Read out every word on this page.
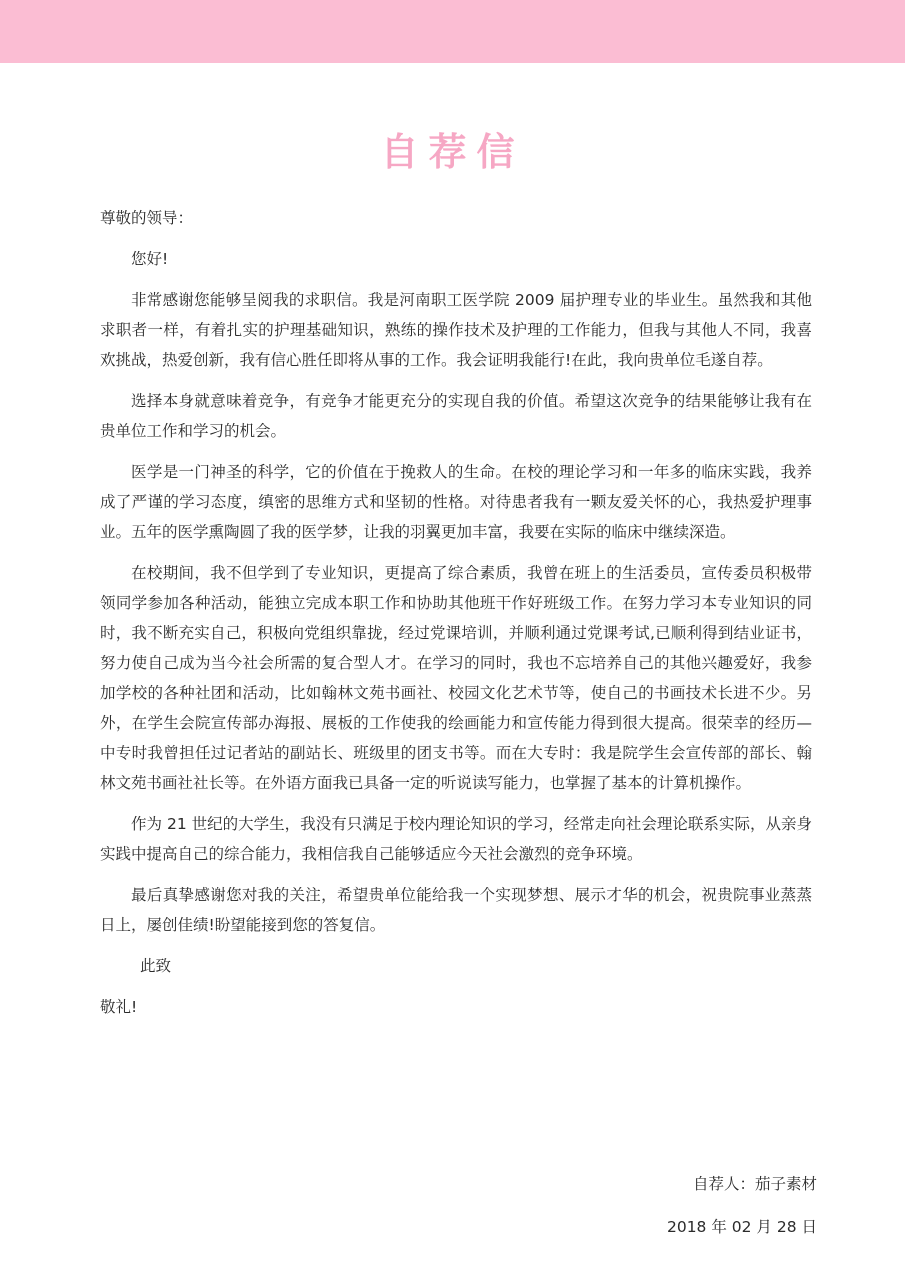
自荐信

尊敬的领导：

您好!

非常感谢您能够呈阅我的求职信。我是河南职工医学院 2009 届护理专业的毕业生。虽然我和其他求职者一样，有着扎实的护理基础知识，熟练的操作技术及护理的工作能力，但我与其他人不同，我喜欢挑战，热爱创新，我有信心胜任即将从事的工作。我会证明我能行!在此，我向贵单位毛遂自荐。

选择本身就意味着竞争，有竞争才能更充分的实现自我的价值。希望这次竞争的结果能够让我有在贵单位工作和学习的机会。

医学是一门神圣的科学，它的价值在于挽救人的生命。在校的理论学习和一年多的临床实践，我养成了严谨的学习态度，缜密的思维方式和坚韧的性格。对待患者我有一颗友爱关怀的心，我热爱护理事业。五年的医学熏陶圆了我的医学梦，让我的羽翼更加丰富，我要在实际的临床中继续深造。

在校期间，我不但学到了专业知识，更提高了综合素质，我曾在班上的生活委员，宣传委员积极带领同学参加各种活动，能独立完成本职工作和协助其他班干作好班级工作。在努力学习本专业知识的同时，我不断充实自己，积极向党组织靠拢，经过党课培训，并顺利通过党课考试,已顺利得到结业证书，努力使自己成为当今社会所需的复合型人才。在学习的同时，我也不忘培养自己的其他兴趣爱好，我参加学校的各种社团和活动，比如翰林文苑书画社、校园文化艺术节等，使自己的书画技术长进不少。另外，在学生会院宣传部办海报、展板的工作使我的绘画能力和宣传能力得到很大提高。很荣幸的经历—中专时我曾担任过记者站的副站长、班级里的团支书等。而在大专时：我是院学生会宣传部的部长、翰林文苑书画社社长等。在外语方面我已具备一定的听说读写能力，也掌握了基本的计算机操作。

作为 21 世纪的大学生，我没有只满足于校内理论知识的学习，经常走向社会理论联系实际，从亲身实践中提高自己的综合能力，我相信我自己能够适应今天社会激烈的竞争环境。

最后真挚感谢您对我的关注，希望贵单位能给我一个实现梦想、展示才华的机会，祝贵院事业蒸蒸日上，屡创佳绩!盼望能接到您的答复信。

此致

敬礼!

自荐人：茄子素材

2018 年 02 月 28 日
